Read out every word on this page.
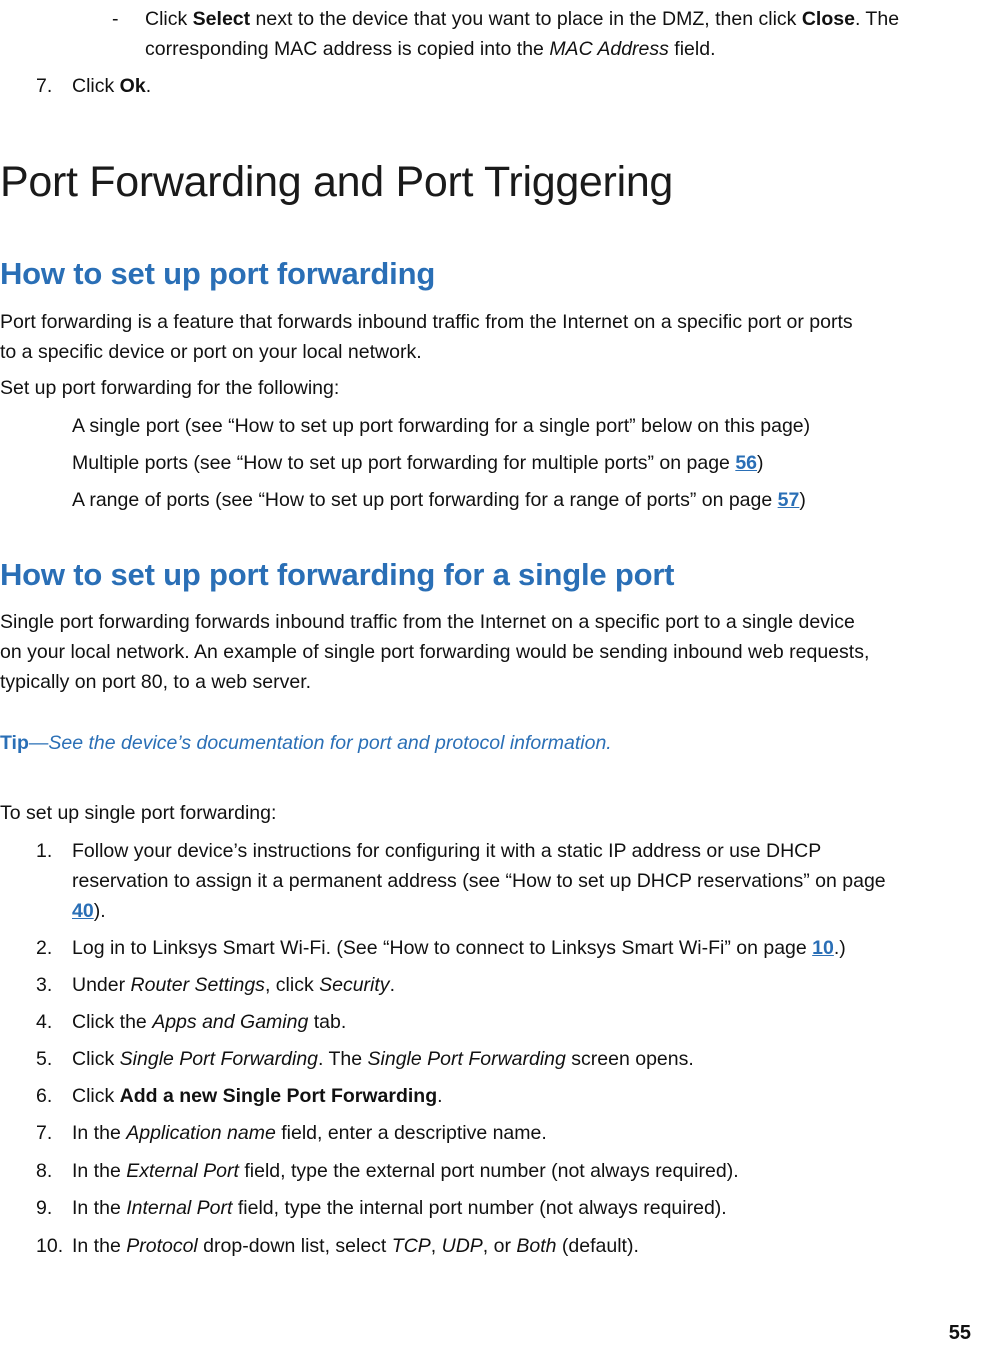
- Click Select next to the device that you want to place in the DMZ, then click Close. The
corresponding MAC address is copied into the MAC Address field.
7. Click Ok.
Port Forwarding and Port Triggering
How to set up port forwarding
Port forwarding is a feature that forwards inbound traffic from the Internet on a specific port or ports
to a specific device or port on your local network.
Set up port forwarding for the following:
A single port (see “How to set up port forwarding for a single port” below on this page)
Multiple ports (see “How to set up port forwarding for multiple ports” on page 56)
A range of ports (see “How to set up port forwarding for a range of ports” on page 57)
How to set up port forwarding for a single port
Single port forwarding forwards inbound traffic from the Internet on a specific port to a single device
on your local network. An example of single port forwarding would be sending inbound web requests,
typically on port 80, to a web server.
Tip—See the device’s documentation for port and protocol information.
To set up single port forwarding:
1. Follow your device’s instructions for configuring it with a static IP address or use DHCP
reservation to assign it a permanent address (see “How to set up DHCP reservations” on page
40).
2. Log in to Linksys Smart Wi-Fi. (See “How to connect to Linksys Smart Wi-Fi” on page 10.)
3. Under Router Settings, click Security.
4. Click the Apps and Gaming tab.
5. Click Single Port Forwarding. The Single Port Forwarding screen opens.
6. Click Add a new Single Port Forwarding.
7. In the Application name field, enter a descriptive name.
8. In the External Port field, type the external port number (not always required).
9. In the Internal Port field, type the internal port number (not always required).
10. In the Protocol drop-down list, select TCP, UDP, or Both (default).
55
